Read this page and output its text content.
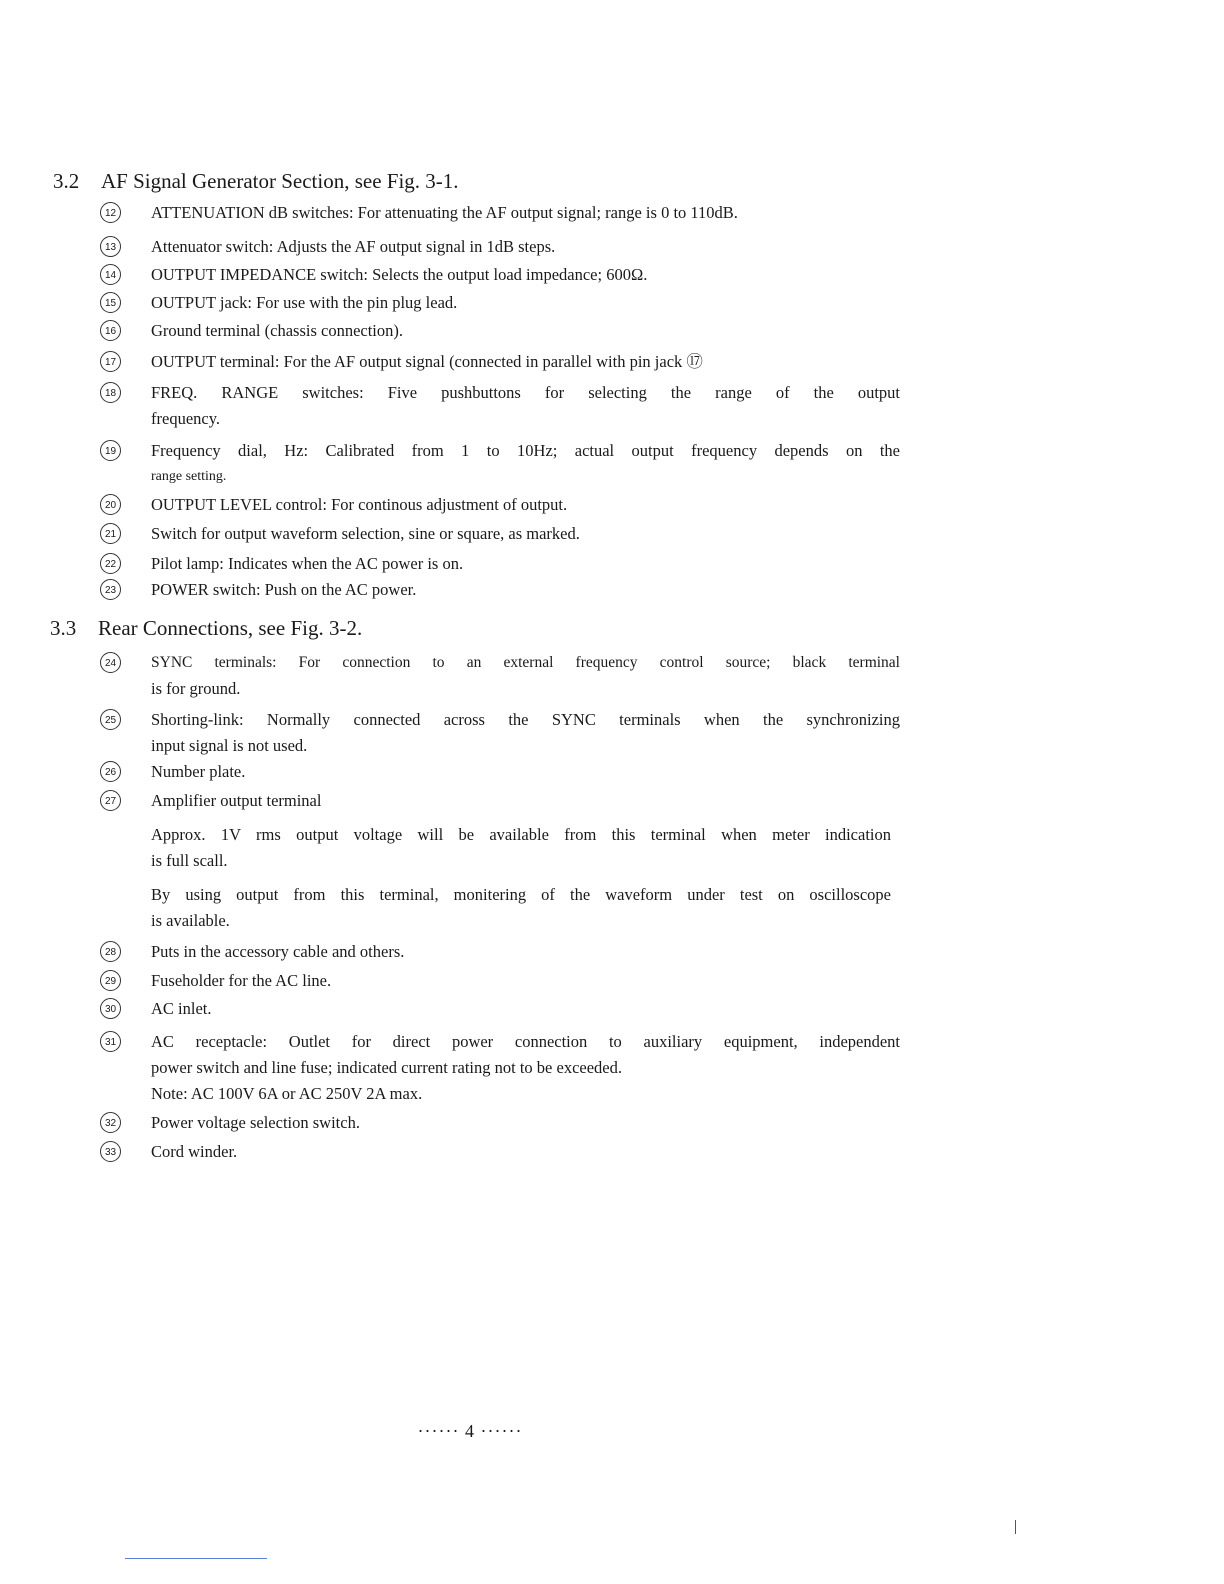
3.2 AF Signal Generator Section, see Fig. 3-1.
12 ATTENUATION dB switches: For attenuating the AF output signal; range is 0 to 110dB.
13 Attenuator switch: Adjusts the AF output signal in 1dB steps.
14 OUTPUT IMPEDANCE switch: Selects the output load impedance; 600Ω.
15 OUTPUT jack: For use with the pin plug lead.
16 Ground terminal (chassis connection).
17 OUTPUT terminal: For the AF output signal (connected in parallel with pin jack ⑰
18 FREQ. RANGE switches: Five pushbuttons for selecting the range of the output
frequency.
19 Frequency dial, Hz: Calibrated from 1 to 10Hz; actual output frequency depends on the
range setting.
20 OUTPUT LEVEL control: For continous adjustment of output.
21 Switch for output waveform selection, sine or square, as marked.
22 Pilot lamp: Indicates when the AC power is on.
23 POWER switch: Push on the AC power.
3.3 Rear Connections, see Fig. 3-2.
24	SYNC terminals: For connection to an external frequency control source; black terminal
is for ground.
25 Shorting-link: Normally connected across the SYNC terminals when the synchronizing
input signal is not used.
26 Number plate.
27 Amplifier output terminal
Approx. 1V rms output voltage will be available from this terminal when meter indication
is full scall.
By using output from this terminal, monitering of the waveform under test on oscilloscope
is available.
28 Puts in the accessory cable and others.
29 Fuseholder for the AC line.
30 AC inlet.
31 AC receptacle: Outlet for direct power connection to auxiliary equipment, independent
power switch and line fuse; indicated current rating not to be exceeded.
Note: AC 100V 6A or AC 250V 2A max.
32 Power voltage selection switch.
33 Cord winder.
······ 4 ······
